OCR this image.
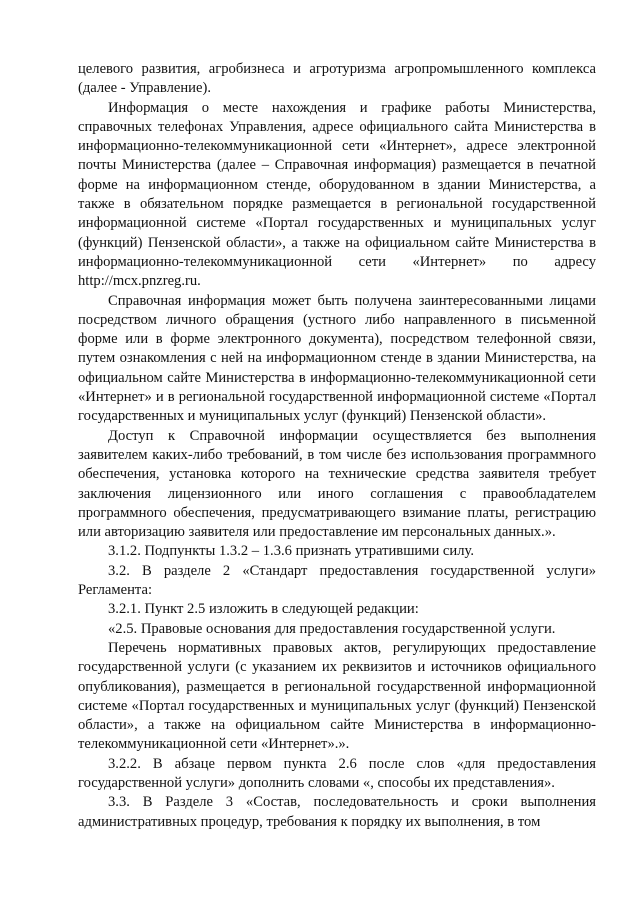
целевого развития, агробизнеса и агротуризма агропромышленного комплекса (далее - Управление).

Информация о месте нахождения и графике работы Министерства, справочных телефонах Управления, адресе официального сайта Министерства в информационно-телекоммуникационной сети «Интернет», адресе электронной почты Министерства (далее – Справочная информация) размещается в печатной форме на информационном стенде, оборудованном в здании Министерства, а также в обязательном порядке размещается в региональной государственной информационной системе «Портал государственных и муниципальных услуг (функций) Пензенской области», а также на официальном сайте Министерства в информационно-телекоммуникационной сети «Интернет» по адресу http://mcx.pnzreg.ru.

Справочная информация может быть получена заинтересованными лицами посредством личного обращения (устного либо направленного в письменной форме или в форме электронного документа), посредством телефонной связи, путем ознакомления с ней на информационном стенде в здании Министерства, на официальном сайте Министерства в информационно-телекоммуникационной сети «Интернет» и в региональной государственной информационной системе «Портал государственных и муниципальных услуг (функций) Пензенской области».

Доступ к Справочной информации осуществляется без выполнения заявителем каких-либо требований, в том числе без использования программного обеспечения, установка которого на технические средства заявителя требует заключения лицензионного или иного соглашения с правообладателем программного обеспечения, предусматривающего взимание платы, регистрацию или авторизацию заявителя или предоставление им персональных данных.».

3.1.2. Подпункты 1.3.2 – 1.3.6 признать утратившими силу.

3.2. В разделе 2 «Стандарт предоставления государственной услуги» Регламента:

3.2.1. Пункт 2.5 изложить в следующей редакции:

«2.5. Правовые основания для предоставления государственной услуги.

Перечень нормативных правовых актов, регулирующих предоставление государственной услуги (с указанием их реквизитов и источников официального опубликования), размещается в региональной государственной информационной системе «Портал государственных и муниципальных услуг (функций) Пензенской области», а также на официальном сайте Министерства в информационно-телекоммуникационной сети «Интернет».».

3.2.2. В абзаце первом пункта 2.6 после слов «для предоставления государственной услуги» дополнить словами «, способы их представления».

3.3. В Разделе 3 «Состав, последовательность и сроки выполнения административных процедур, требования к порядку их выполнения, в том
